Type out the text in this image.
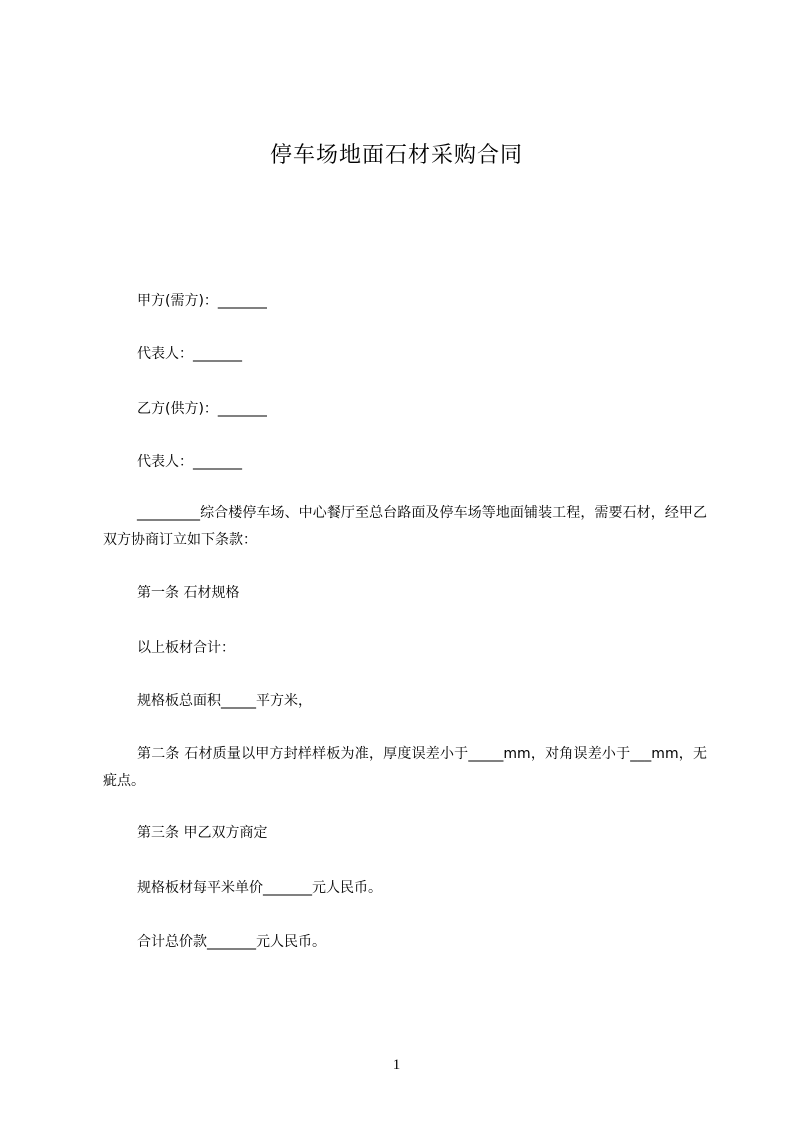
停车场地面石材采购合同
甲方(需方)：_______
代表人：_______
乙方(供方)：_______
代表人：_______
_________综合楼停车场、中心餐厅至总台路面及停车场等地面铺装工程，需要石材，经甲乙双方协商订立如下条款：
第一条 石材规格
以上板材合计：
规格板总面积_____平方米，
第二条 石材质量以甲方封样样板为准，厚度误差小于_____mm，对角误差小于___mm，无疵点。
第三条 甲乙双方商定
规格板材每平米单价_______元人民币。
合计总价款_______元人民币。
1
